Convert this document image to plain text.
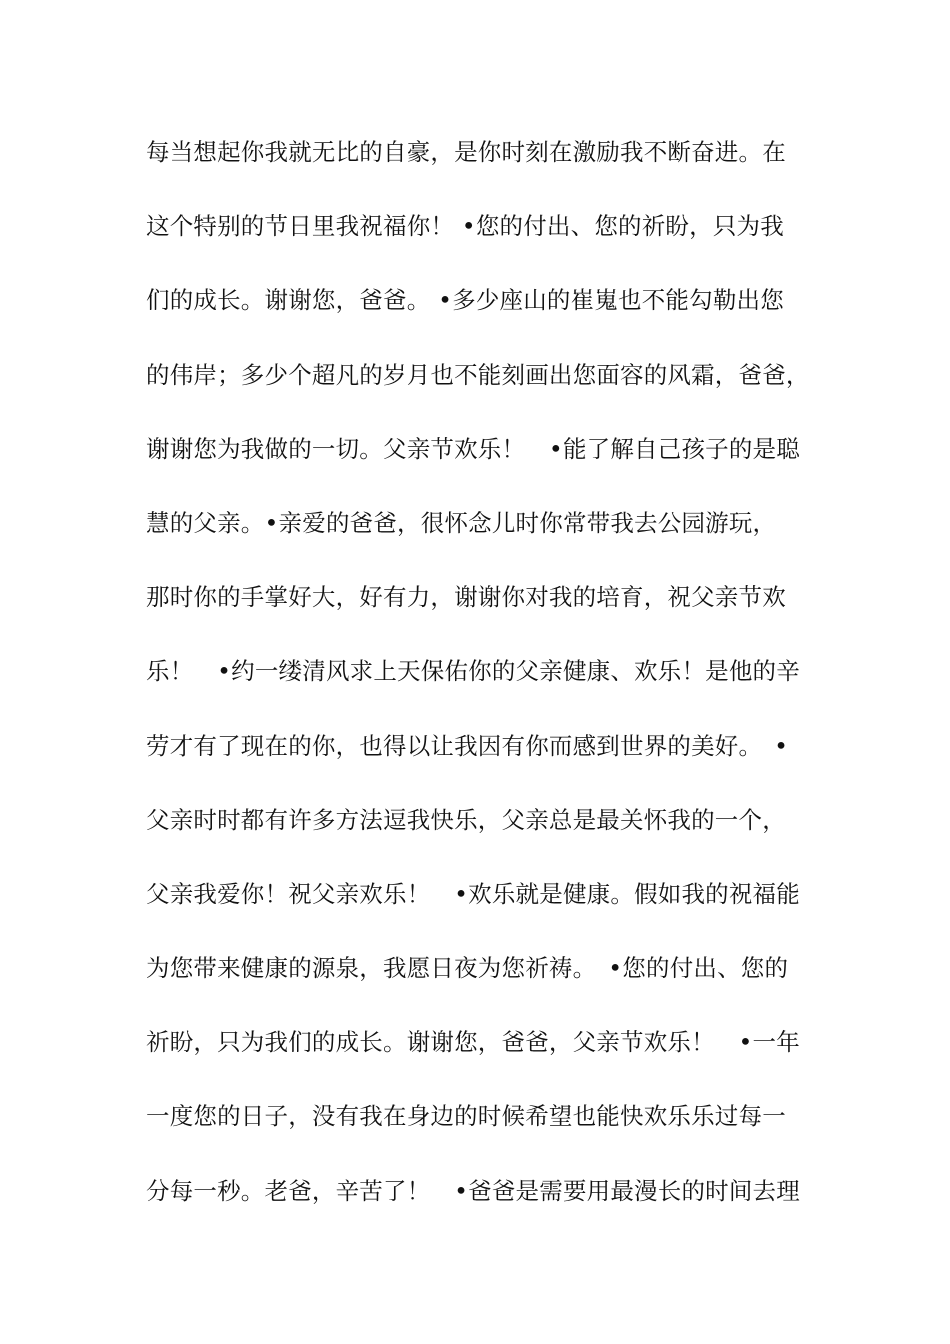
每当想起你我就无比的自豪，是你时刻在激励我不断奋进。在
这个特别的节日里我祝福你！ •您的付出、您的祈盼，只为我
们的成长。谢谢您，爸爸。 •多少座山的崔嵬也不能勾勒出您
的伟岸；多少个超凡的岁月也不能刻画出您面容的风霜，爸爸，
谢谢您为我做的一切。父亲节欢乐！　•能了解自己孩子的是聪
慧的父亲。•亲爱的爸爸，很怀念儿时你常带我去公园游玩，
那时你的手掌好大，好有力，谢谢你对我的培育，祝父亲节欢
乐！　•约一缕清风求上天保佑你的父亲健康、欢乐！是他的辛
劳才有了现在的你，也得以让我因有你而感到世界的美好。　•
父亲时时都有许多方法逗我快乐，父亲总是最关怀我的一个，
父亲我爱你！祝父亲欢乐！　•欢乐就是健康。假如我的祝福能
为您带来健康的源泉，我愿日夜为您祈祷。　•您的付出、您的
祈盼，只为我们的成长。谢谢您，爸爸，父亲节欢乐！　•一年
一度您的日子，没有我在身边的时候希望也能快欢乐乐过每一
分每一秒。老爸，辛苦了！　•爸爸是需要用最漫长的时间去理
